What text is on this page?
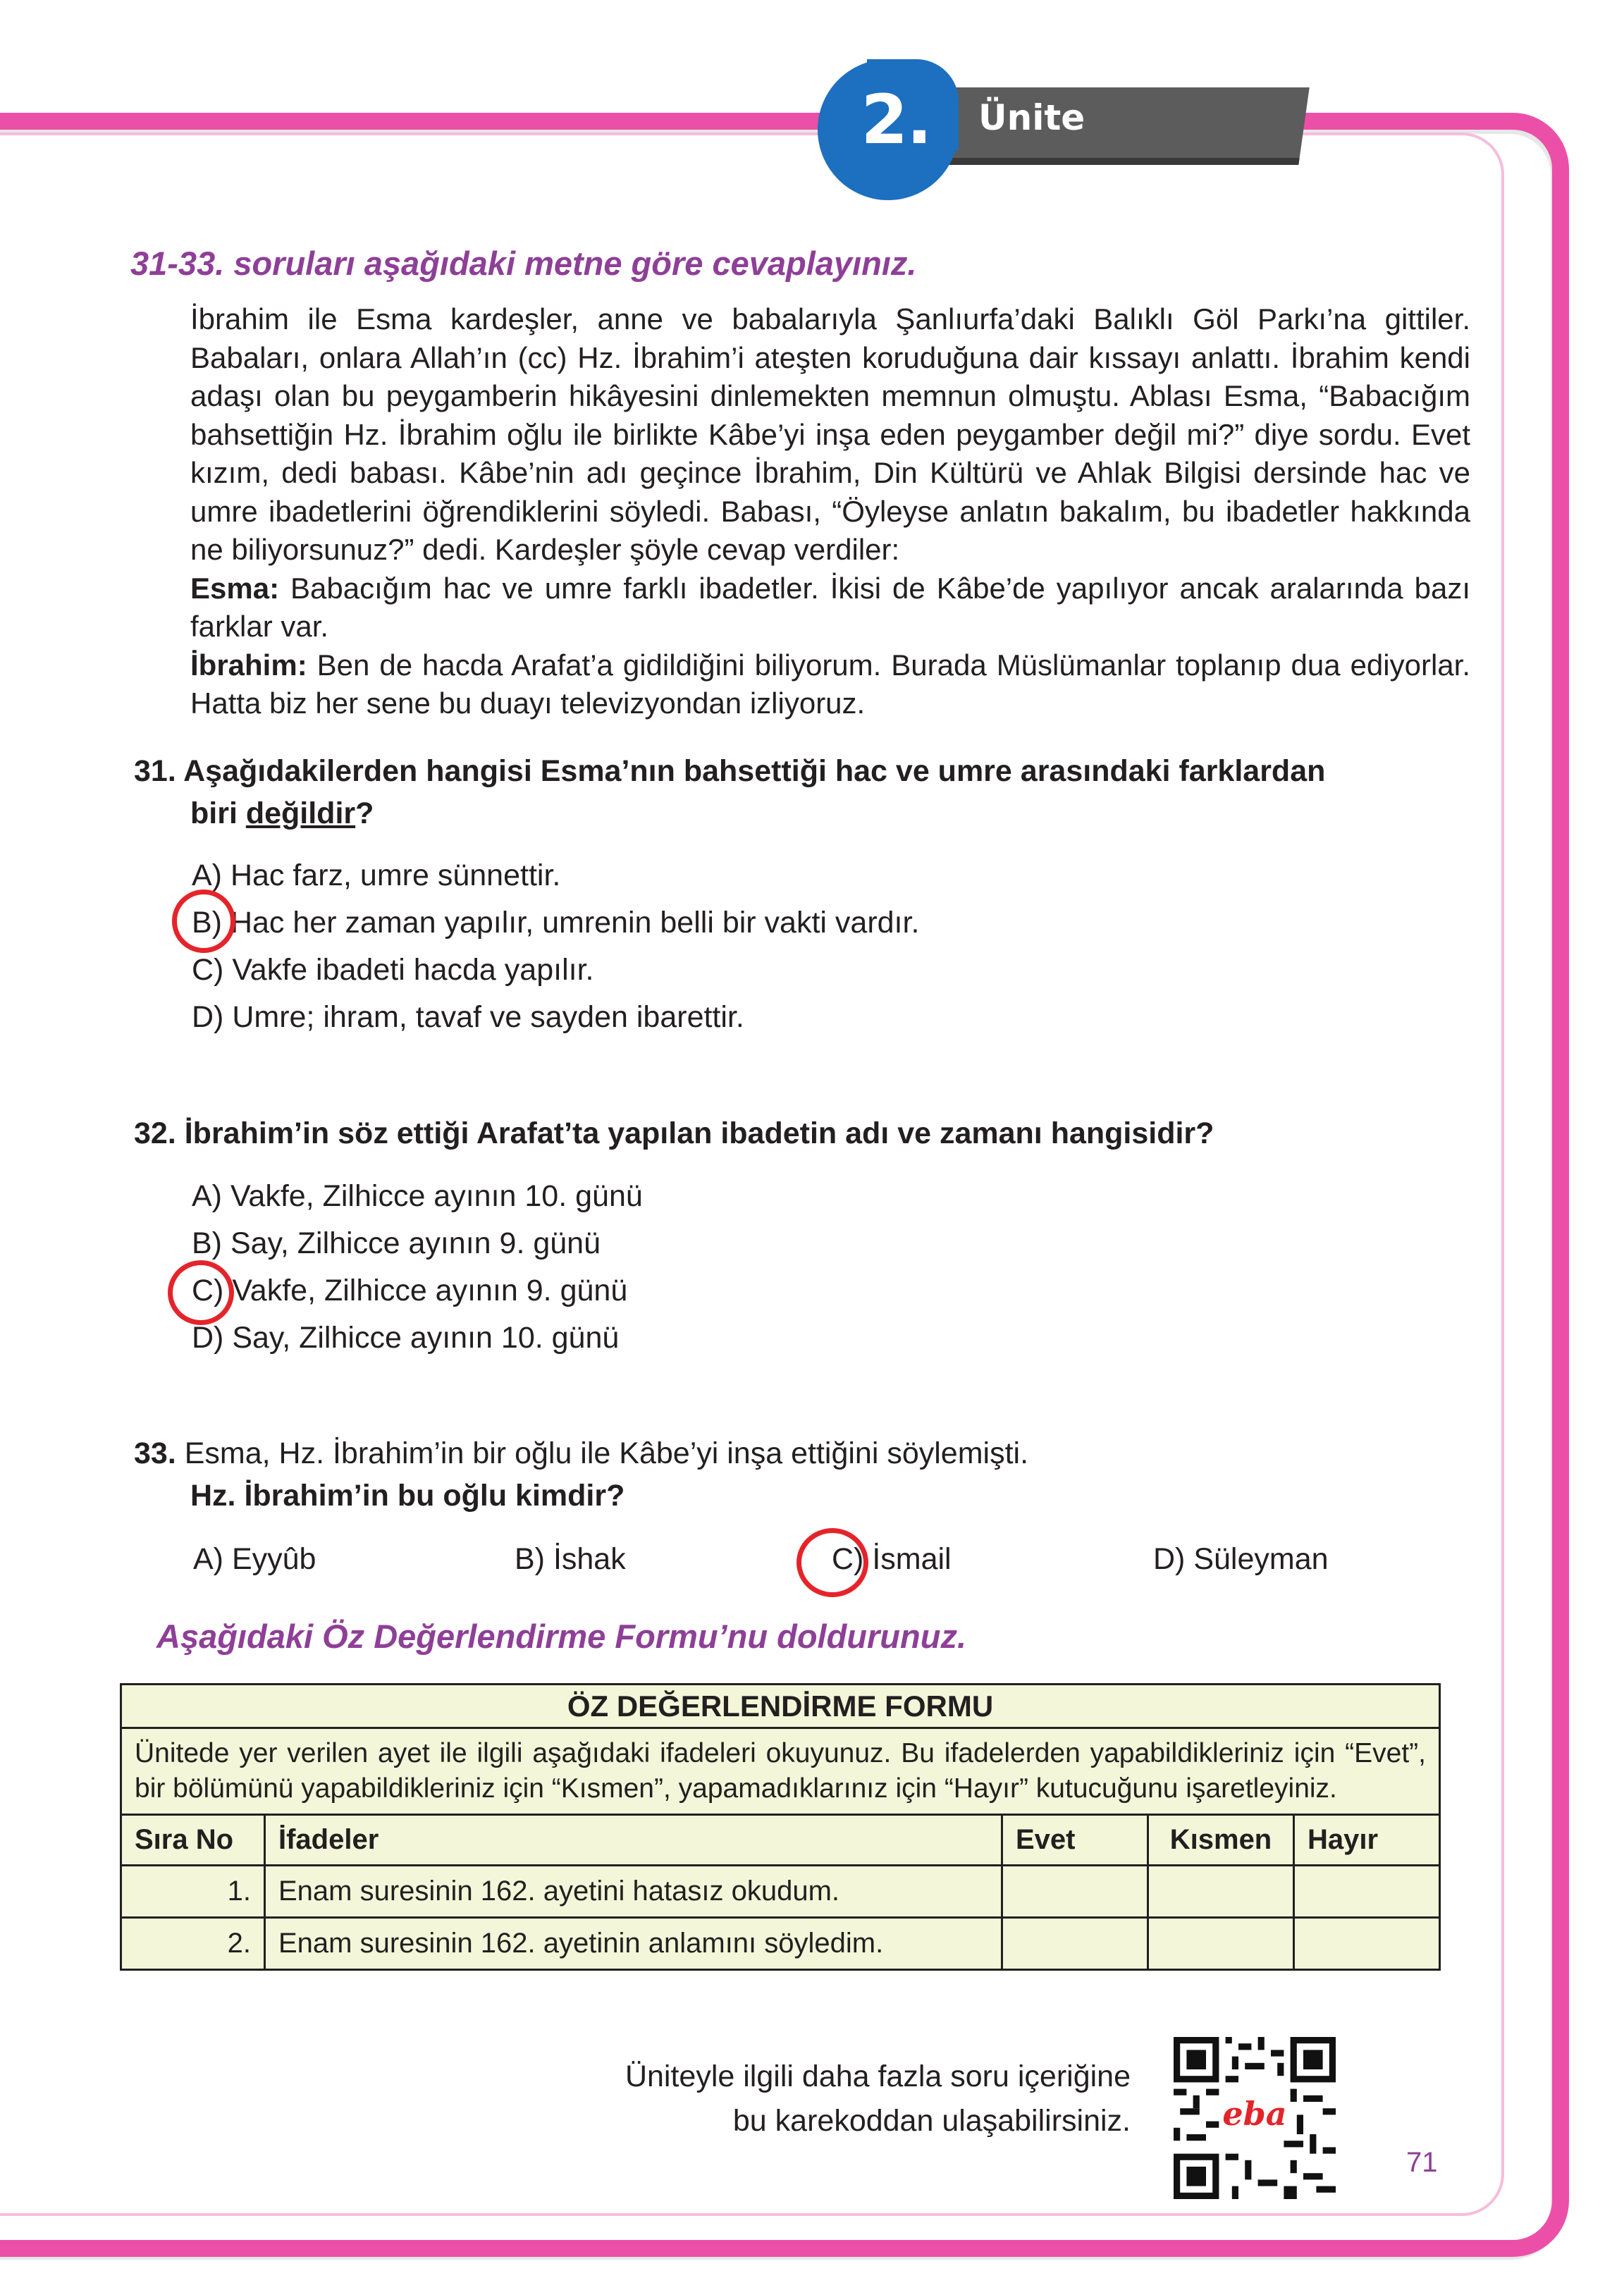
Ünite
2.
31-33. soruları aşağıdaki metne göre cevaplayınız.

İbrahim ile Esma kardeşler, anne ve babalarıyla Şanlıurfa’daki Balıklı Göl Parkı’na gittiler. Babaları, onlara Allah’ın (cc) Hz. İbrahim’i ateşten koruduğuna dair kıssayı anlattı. İbrahim kendi adaşı olan bu peygamberin hikâyesini dinlemekten memnun olmuştu. Ablası Esma, “Babacığım bahsettiğin Hz. İbrahim oğlu ile birlikte Kâbe’yi inşa eden peygamber değil mi?” diye sordu. Evet kızım, dedi babası. Kâbe’nin adı geçince İbrahim, Din Kültürü ve Ahlak Bilgisi dersinde hac ve umre ibadetlerini öğrendiklerini söyledi. Babası, “Öyleyse anlatın bakalım, bu ibadetler hakkında ne biliyorsunuz?” dedi. Kardeşler şöyle cevap verdiler:

Esma: Babacığım hac ve umre farklı ibadetler. İkisi de Kâbe’de yapılıyor ancak aralarında bazı farklar var.

İbrahim: Ben de hacda Arafat’a gidildiğini biliyorum. Burada Müslümanlar toplanıp dua ediyorlar. Hatta biz her sene bu duayı televizyondan izliyoruz.

31. Aşağıdakilerden hangisi Esma’nın bahsettiği hac ve umre arasındaki farklardan
biri değildir?
A) Hac farz, umre sünnettir.
B) Hac her zaman yapılır, umrenin belli bir vakti vardır.
C) Vakfe ibadeti hacda yapılır.
D) Umre; ihram, tavaf ve sayden ibarettir.
32. İbrahim’in söz ettiği Arafat’ta yapılan ibadetin adı ve zamanı hangisidir?
A) Vakfe, Zilhicce ayının 10. günü
B) Say, Zilhicce ayının 9. günü
C) Vakfe, Zilhicce ayının 9. günü
D) Say, Zilhicce ayının 10. günü
33. Esma, Hz. İbrahim’in bir oğlu ile Kâbe’yi inşa ettiğini söylemişti.
Hz. İbrahim’in bu oğlu kimdir?
A) Eyyûb	B) İshak	C) İsmail	D) Süleyman
Aşağıdaki Öz Değerlendirme Formu’nu doldurunuz.
ÖZ DEĞERLENDİRME FORMU				
Ünitede yer verilen ayet ile ilgili aşağıdaki ifadeleri okuyunuz. Bu ifadelerden yapabildikleriniz için “Evet”, bir bölümünü yapabildikleriniz için “Kısmen”, yapamadıklarınız için “Hayır” kutucuğunu işaretleyiniz.				
Sıra No	İfadeler	Evet	Kısmen	Hayır
1.	Enam suresinin 162. ayetini hatasız okudum.			
2.	Enam suresinin 162. ayetinin anlamını söyledim.			
Üniteyle ilgili daha fazla soru içeriğine
bu karekoddan ulaşabilirsiniz.	eba
71
